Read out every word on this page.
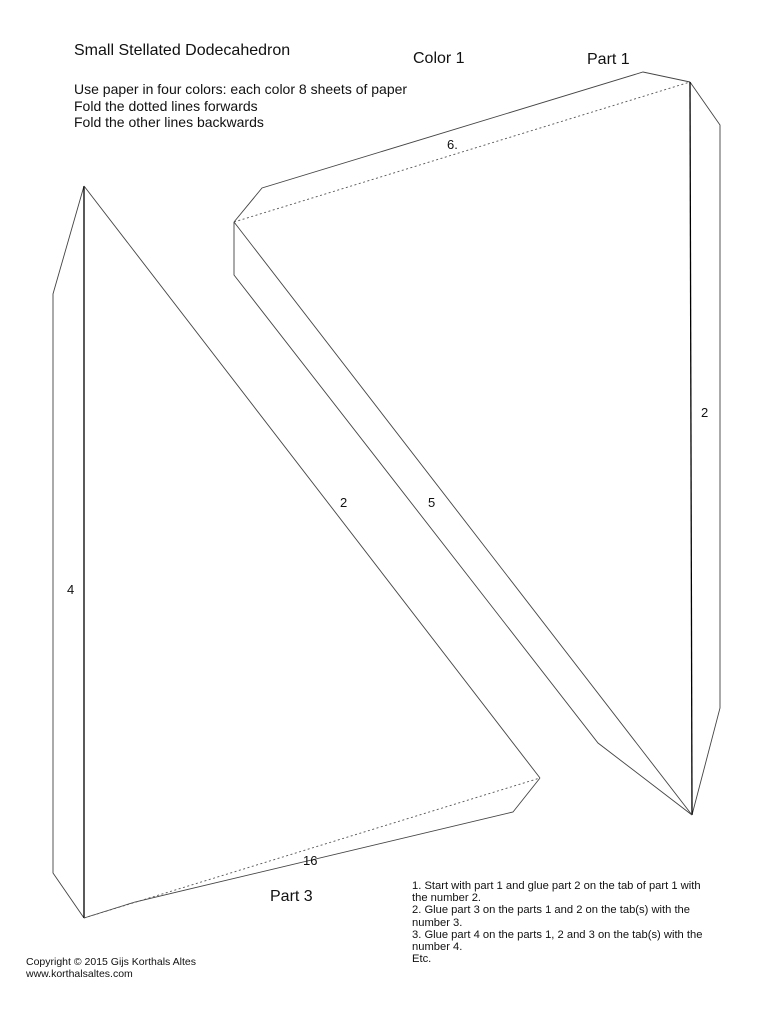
Small Stellated Dodecahedron	Color 1	Part 1
Use paper in four colors: each color 8 sheets of paper
Fold the dotted lines forwards
Fold the other lines backwards
6.
2
5
2
4
16
Part 3
1. Start with part 1 and glue part 2 on the tab of part 1 with the number 2.
2. Glue part 3 on the parts 1 and 2 on the tab(s) with the number 3.
3. Glue part 4 on the parts 1, 2 and 3 on the tab(s) with the number 4.
Etc.
Copyright © 2015 Gijs Korthals Altes
www.korthalsaltes.com
